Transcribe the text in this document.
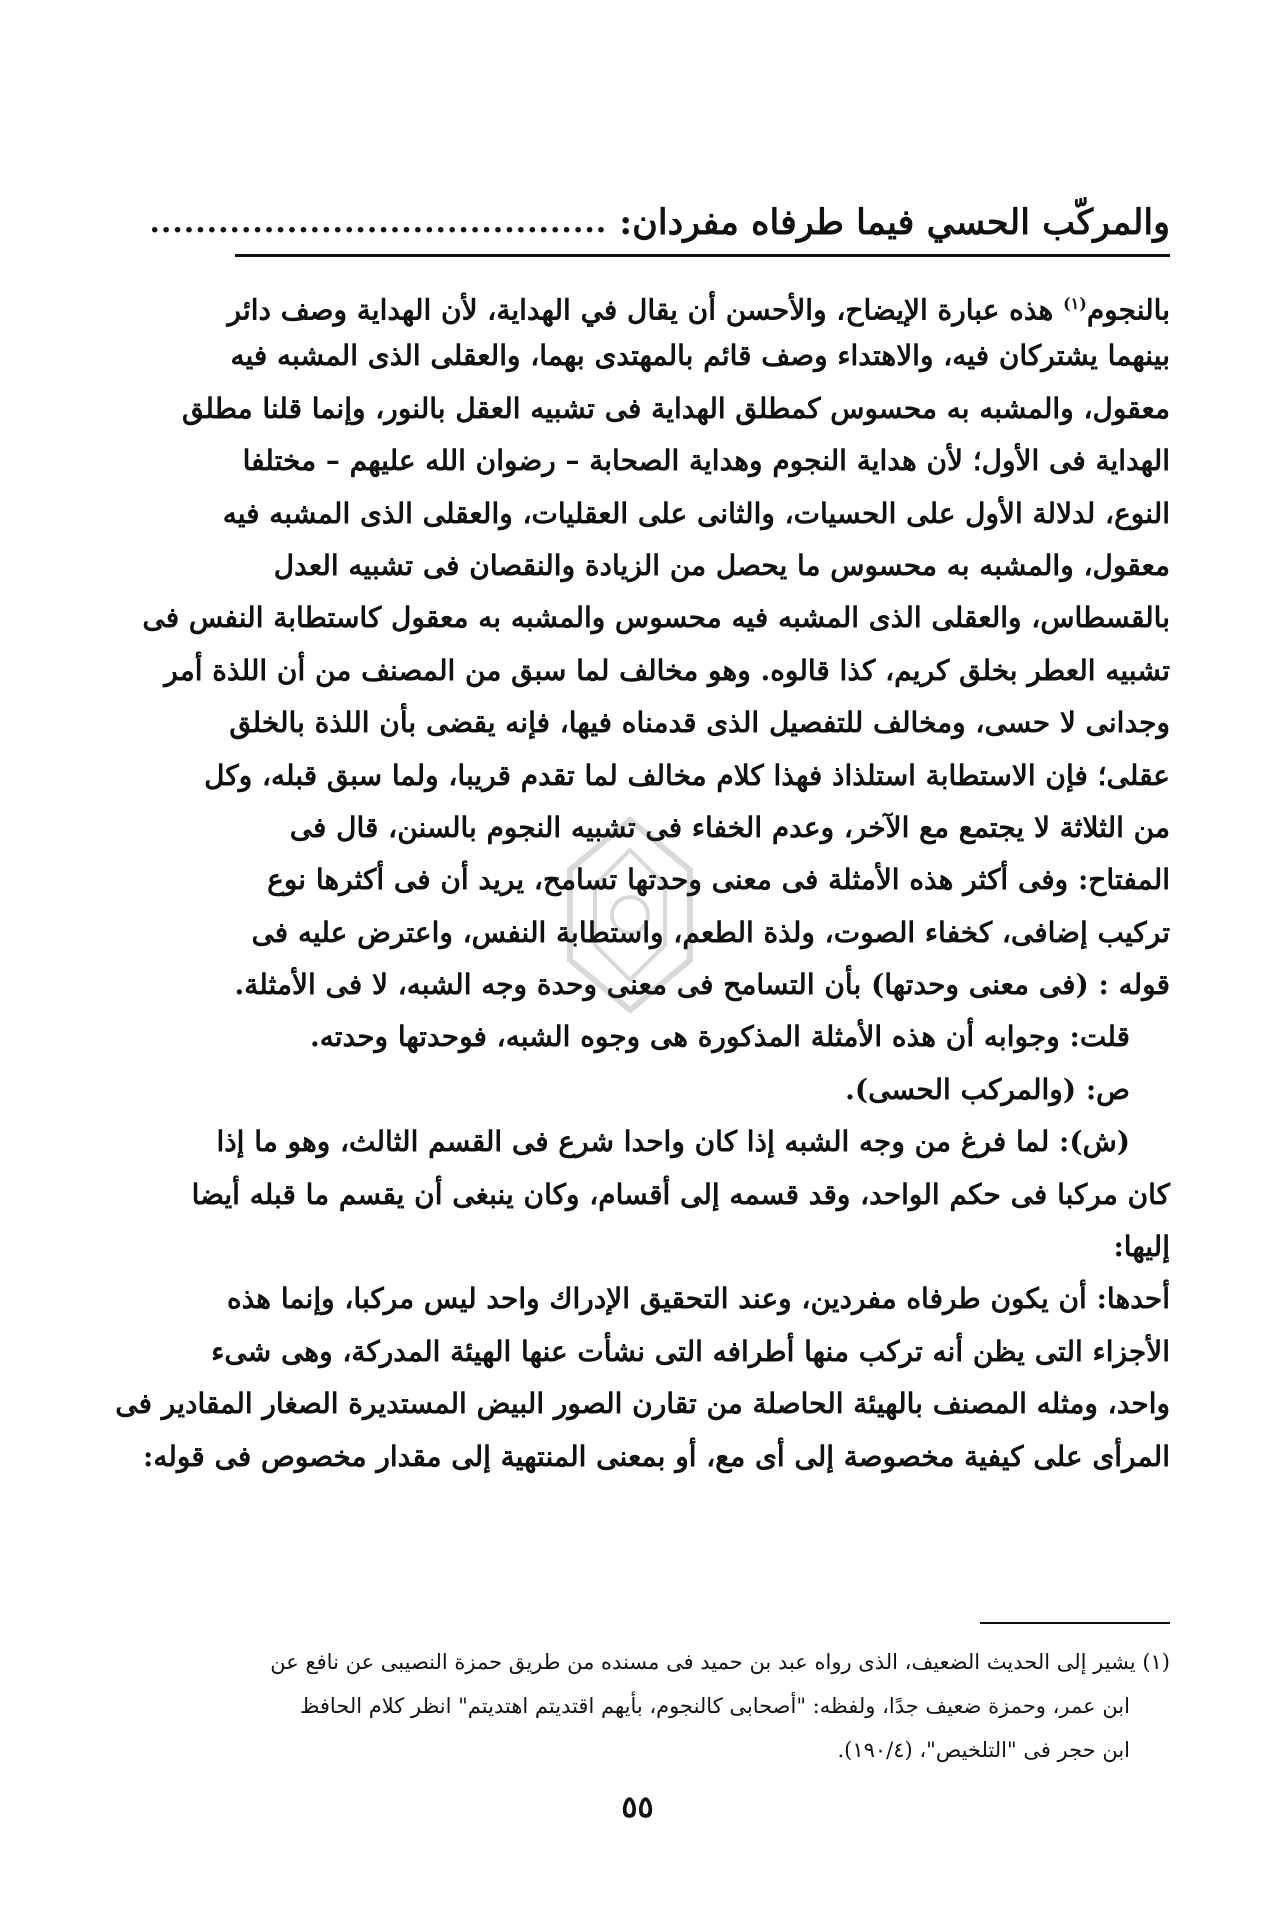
والمركّب الحسي فيما طرفاه مفردان:
........................................
بالنجوم$^{(١)}$ هذه عبارة الإيضاح، والأحسن أن يقال في الهداية، لأن الهداية وصف دائر
بينهما يشتركان فيه، والاهتداء وصف قائم بالمهتدى بهما، والعقلى الذى المشبه فيه
معقول، والمشبه به محسوس كمطلق الهداية فى تشبيه العقل بالنور، وإنما قلنا مطلق
الهداية فى الأول؛ لأن هداية النجوم وهداية الصحابة – رضوان الله عليهم – مختلفا
النوع، لدلالة الأول على الحسيات، والثانى على العقليات، والعقلى الذى المشبه فيه
معقول، والمشبه به محسوس ما يحصل من الزيادة والنقصان فى تشبيه العدل
بالقسطاس، والعقلى الذى المشبه فيه محسوس والمشبه به معقول كاستطابة النفس فى
تشبيه العطر بخلق كريم، كذا قالوه. وهو مخالف لما سبق من المصنف من أن اللذة أمر
وجدانى لا حسى، ومخالف للتفصيل الذى قدمناه فيها، فإنه يقضى بأن اللذة بالخلق
عقلى؛ فإن الاستطابة استلذاذ فهذا كلام مخالف لما تقدم قريبا، ولما سبق قبله، وكل
من الثلاثة لا يجتمع مع الآخر، وعدم الخفاء فى تشبيه النجوم بالسنن، قال فى
المفتاح: وفى أكثر هذه الأمثلة فى معنى وحدتها تسامح، يريد أن فى أكثرها نوع
تركيب إضافى، كخفاء الصوت، ولذة الطعم، واستطابة النفس، واعترض عليه فى
قوله : (فى معنى وحدتها) بأن التسامح فى معنى وحدة وجه الشبه، لا فى الأمثلة.
قلت: وجوابه أن هذه الأمثلة المذكورة هى وجوه الشبه، فوحدتها وحدته.
ص: (والمركب الحسى).
(ش): لما فرغ من وجه الشبه إذا كان واحدا شرع فى القسم الثالث، وهو ما إذا
كان مركبا فى حكم الواحد، وقد قسمه إلى أقسام، وكان ينبغى أن يقسم ما قبله أيضا
إليها:
أحدها: أن يكون طرفاه مفردين، وعند التحقيق الإدراك واحد ليس مركبا، وإنما هذه
الأجزاء التى يظن أنه تركب منها أطرافه التى نشأت عنها الهيئة المدركة، وهى شىء
واحد، ومثله المصنف بالهيئة الحاصلة من تقارن الصور البيض المستديرة الصغار المقادير فى
المرأى على كيفية مخصوصة إلى أى مع، أو بمعنى المنتهية إلى مقدار مخصوص فى قوله:
(١) يشير إلى الحديث الضعيف، الذى رواه عبد بن حميد فى مسنده من طريق حمزة النصيبى عن نافع عن
ابن عمر، وحمزة ضعيف جدًا، ولفظه: "أصحابى كالنجوم، بأيهم اقتديتم اهتديتم" انظر كلام الحافظ
ابن حجر فى "التلخيص"، (١٩٠/٤).
٥٥
